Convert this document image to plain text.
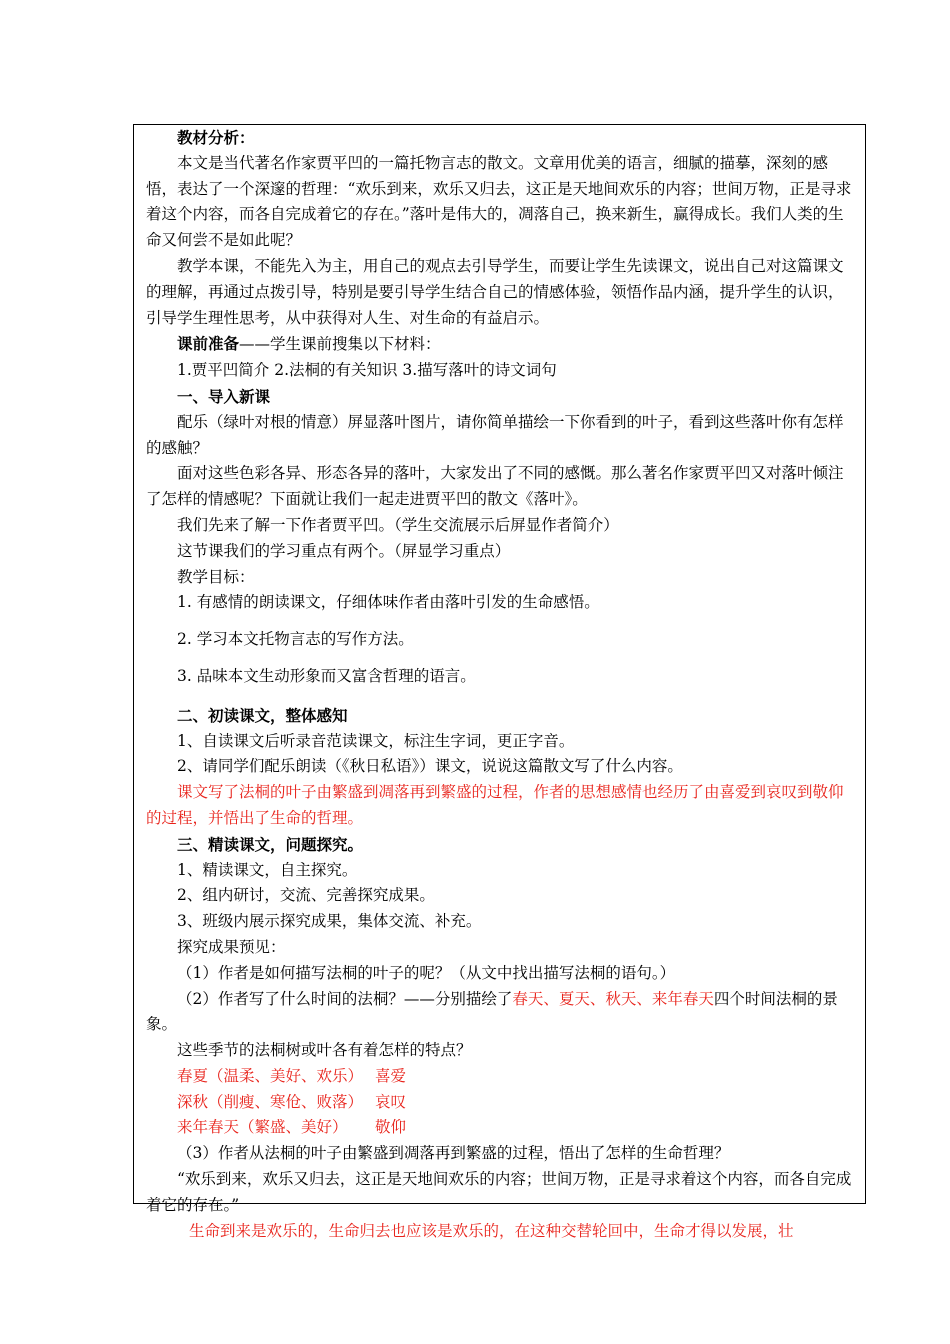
教材分析：

本文是当代著名作家贾平凹的一篇托物言志的散文。文章用优美的语言，细腻的描摹，深刻的感悟，表达了一个深邃的哲理：“欢乐到来，欢乐又归去，这正是天地间欢乐的内容；世间万物，正是寻求着这个内容，而各自完成着它的存在。”落叶是伟大的，凋落自己，换来新生，赢得成长。我们人类的生命又何尝不是如此呢？

教学本课，不能先入为主，用自己的观点去引导学生，而要让学生先读课文，说出自己对这篇课文的理解，再通过点拨引导，特别是要引导学生结合自己的情感体验，领悟作品内涵，提升学生的认识，引导学生理性思考，从中获得对人生、对生命的有益启示。

课前准备——学生课前搜集以下材料：

1.贾平凹简介 2.法桐的有关知识 3.描写落叶的诗文词句

一、导入新课

配乐（绿叶对根的情意）屏显落叶图片，请你简单描绘一下你看到的叶子，看到这些落叶你有怎样的感触？

面对这些色彩各异、形态各异的落叶，大家发出了不同的感慨。那么著名作家贾平凹又对落叶倾注了怎样的情感呢？下面就让我们一起走进贾平凹的散文《落叶》。

我们先来了解一下作者贾平凹。（学生交流展示后屏显作者简介）

这节课我们的学习重点有两个。（屏显学习重点）

教学目标：

1. 有感情的朗读课文，仔细体味作者由落叶引发的生命感悟。

2. 学习本文托物言志的写作方法。

3. 品味本文生动形象而又富含哲理的语言。

二、初读课文，整体感知

1、自读课文后听录音范读课文，标注生字词，更正字音。

2、请同学们配乐朗读（《秋日私语》）课文，说说这篇散文写了什么内容。

课文写了法桐的叶子由繁盛到凋落再到繁盛的过程，作者的思想感情也经历了由喜爱到哀叹到敬仰的过程，并悟出了生命的哲理。

三、精读课文，问题探究。

1、精读课文，自主探究。

2、组内研讨，交流、完善探究成果。

3、班级内展示探究成果，集体交流、补充。

探究成果预见：

（1）作者是如何描写法桐的叶子的呢？（从文中找出描写法桐的语句。）

（2）作者写了什么时间的法桐？——分别描绘了春天、夏天、秋天、来年春天四个时间法桐的景象。

这些季节的法桐树或叶各有着怎样的特点？

春夏（温柔、美好、欢乐） 喜爱

深秋（削瘦、寒伧、败落） 哀叹

来年春天（繁盛、美好） 敬仰

（3）作者从法桐的叶子由繁盛到凋落再到繁盛的过程，悟出了怎样的生命哲理？

“欢乐到来，欢乐又归去，这正是天地间欢乐的内容；世间万物，正是寻求着这个内容，而各自完成着它的存在。”

生命到来是欢乐的，生命归去也应该是欢乐的，在这种交替轮回中，生命才得以发展，壮
